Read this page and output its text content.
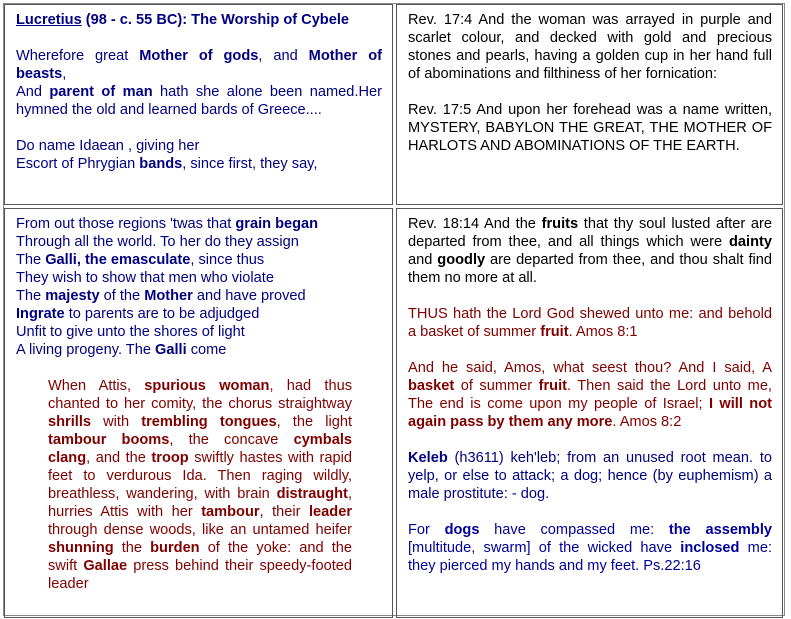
Lucretius (98 - c. 55 BC): The Worship of Cybele

Wherefore great Mother of gods, and Mother of beasts,
And parent of man hath she alone been named.Her hymned the old and learned bards of Greece....
Do name Idaean , giving her
Escort of Phrygian bands, since first, they say,

Rev. 17:4 And the woman was arrayed in purple and scarlet colour, and decked with gold and precious stones and pearls, having a golden cup in her hand full of abominations and filthiness of her fornication:

Rev. 17:5 And upon her forehead was a name written, MYSTERY, BABYLON THE GREAT, THE MOTHER OF HARLOTS AND ABOMINATIONS OF THE EARTH.

From out those regions 'twas that grain began
Through all the world. To her do they assign
The Galli, the emasculate, since thus
They wish to show that men who violate
The majesty of the Mother and have proved
Ingrate to parents are to be adjudged
Unfit to give unto the shores of light
A living progeny. The Galli come
When Attis, spurious woman, had thus chanted to her comity, the chorus straightway shrills with trembling tongues, the light tambour booms, the concave cymbals clang, and the troop swiftly hastes with rapid feet to verdurous Ida. Then raging wildly, breathless, wandering, with brain distraught, hurries Attis with her tambour, their leader through dense woods, like an untamed heifer shunning the burden of the yoke: and the swift Gallae press behind their speedy-footed leader

Rev. 18:14 And the fruits that thy soul lusted after are departed from thee, and all things which were dainty and goodly are departed from thee, and thou shalt find them no more at all.

THUS hath the Lord God shewed unto me: and behold a basket of summer fruit. Amos 8:1

And he said, Amos, what seest thou? And I said, A basket of summer fruit. Then said the Lord unto me, The end is come upon my people of Israel; I will not again pass by them any more. Amos 8:2

Keleb (h3611) keh'leb; from an unused root mean. to yelp, or else to attack; a dog; hence (by euphemism) a male prostitute: - dog.

For dogs have compassed me: the assembly [multitude, swarm] of the wicked have inclosed me: they pierced my hands and my feet. Ps.22:16
